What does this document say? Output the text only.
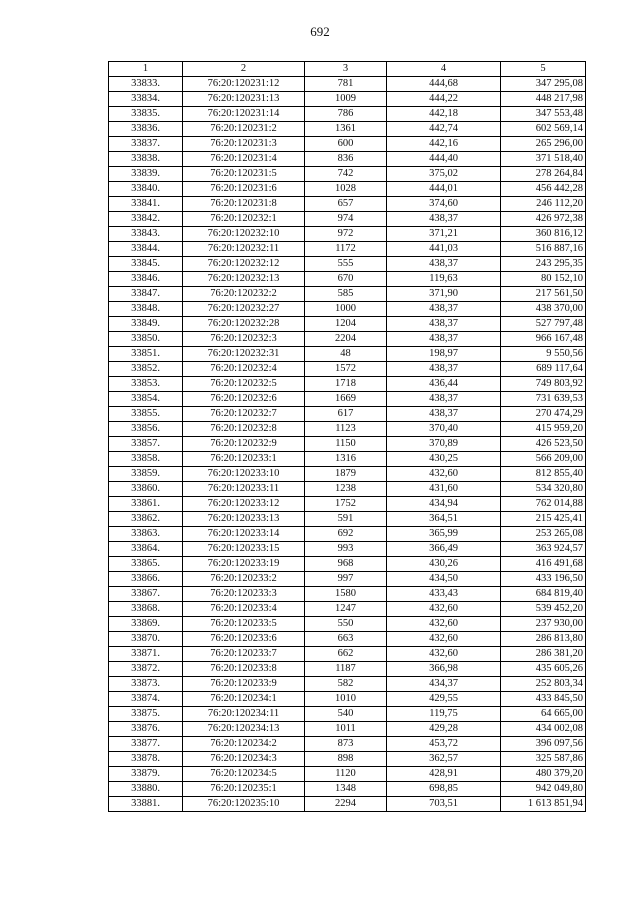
692
1	2	3	4	5
33833.	76:20:120231:12	781	444,68	347 295,08
33834.	76:20:120231:13	1009	444,22	448 217,98
33835.	76:20:120231:14	786	442,18	347 553,48
33836.	76:20:120231:2	1361	442,74	602 569,14
33837.	76:20:120231:3	600	442,16	265 296,00
33838.	76:20:120231:4	836	444,40	371 518,40
33839.	76:20:120231:5	742	375,02	278 264,84
33840.	76:20:120231:6	1028	444,01	456 442,28
33841.	76:20:120231:8	657	374,60	246 112,20
33842.	76:20:120232:1	974	438,37	426 972,38
33843.	76:20:120232:10	972	371,21	360 816,12
33844.	76:20:120232:11	1172	441,03	516 887,16
33845.	76:20:120232:12	555	438,37	243 295,35
33846.	76:20:120232:13	670	119,63	80 152,10
33847.	76:20:120232:2	585	371,90	217 561,50
33848.	76:20:120232:27	1000	438,37	438 370,00
33849.	76:20:120232:28	1204	438,37	527 797,48
33850.	76:20:120232:3	2204	438,37	966 167,48
33851.	76:20:120232:31	48	198,97	9 550,56
33852.	76:20:120232:4	1572	438,37	689 117,64
33853.	76:20:120232:5	1718	436,44	749 803,92
33854.	76:20:120232:6	1669	438,37	731 639,53
33855.	76:20:120232:7	617	438,37	270 474,29
33856.	76:20:120232:8	1123	370,40	415 959,20
33857.	76:20:120232:9	1150	370,89	426 523,50
33858.	76:20:120233:1	1316	430,25	566 209,00
33859.	76:20:120233:10	1879	432,60	812 855,40
33860.	76:20:120233:11	1238	431,60	534 320,80
33861.	76:20:120233:12	1752	434,94	762 014,88
33862.	76:20:120233:13	591	364,51	215 425,41
33863.	76:20:120233:14	692	365,99	253 265,08
33864.	76:20:120233:15	993	366,49	363 924,57
33865.	76:20:120233:19	968	430,26	416 491,68
33866.	76:20:120233:2	997	434,50	433 196,50
33867.	76:20:120233:3	1580	433,43	684 819,40
33868.	76:20:120233:4	1247	432,60	539 452,20
33869.	76:20:120233:5	550	432,60	237 930,00
33870.	76:20:120233:6	663	432,60	286 813,80
33871.	76:20:120233:7	662	432,60	286 381,20
33872.	76:20:120233:8	1187	366,98	435 605,26
33873.	76:20:120233:9	582	434,37	252 803,34
33874.	76:20:120234:1	1010	429,55	433 845,50
33875.	76:20:120234:11	540	119,75	64 665,00
33876.	76:20:120234:13	1011	429,28	434 002,08
33877.	76:20:120234:2	873	453,72	396 097,56
33878.	76:20:120234:3	898	362,57	325 587,86
33879.	76:20:120234:5	1120	428,91	480 379,20
33880.	76:20:120235:1	1348	698,85	942 049,80
33881.	76:20:120235:10	2294	703,51	1 613 851,94
